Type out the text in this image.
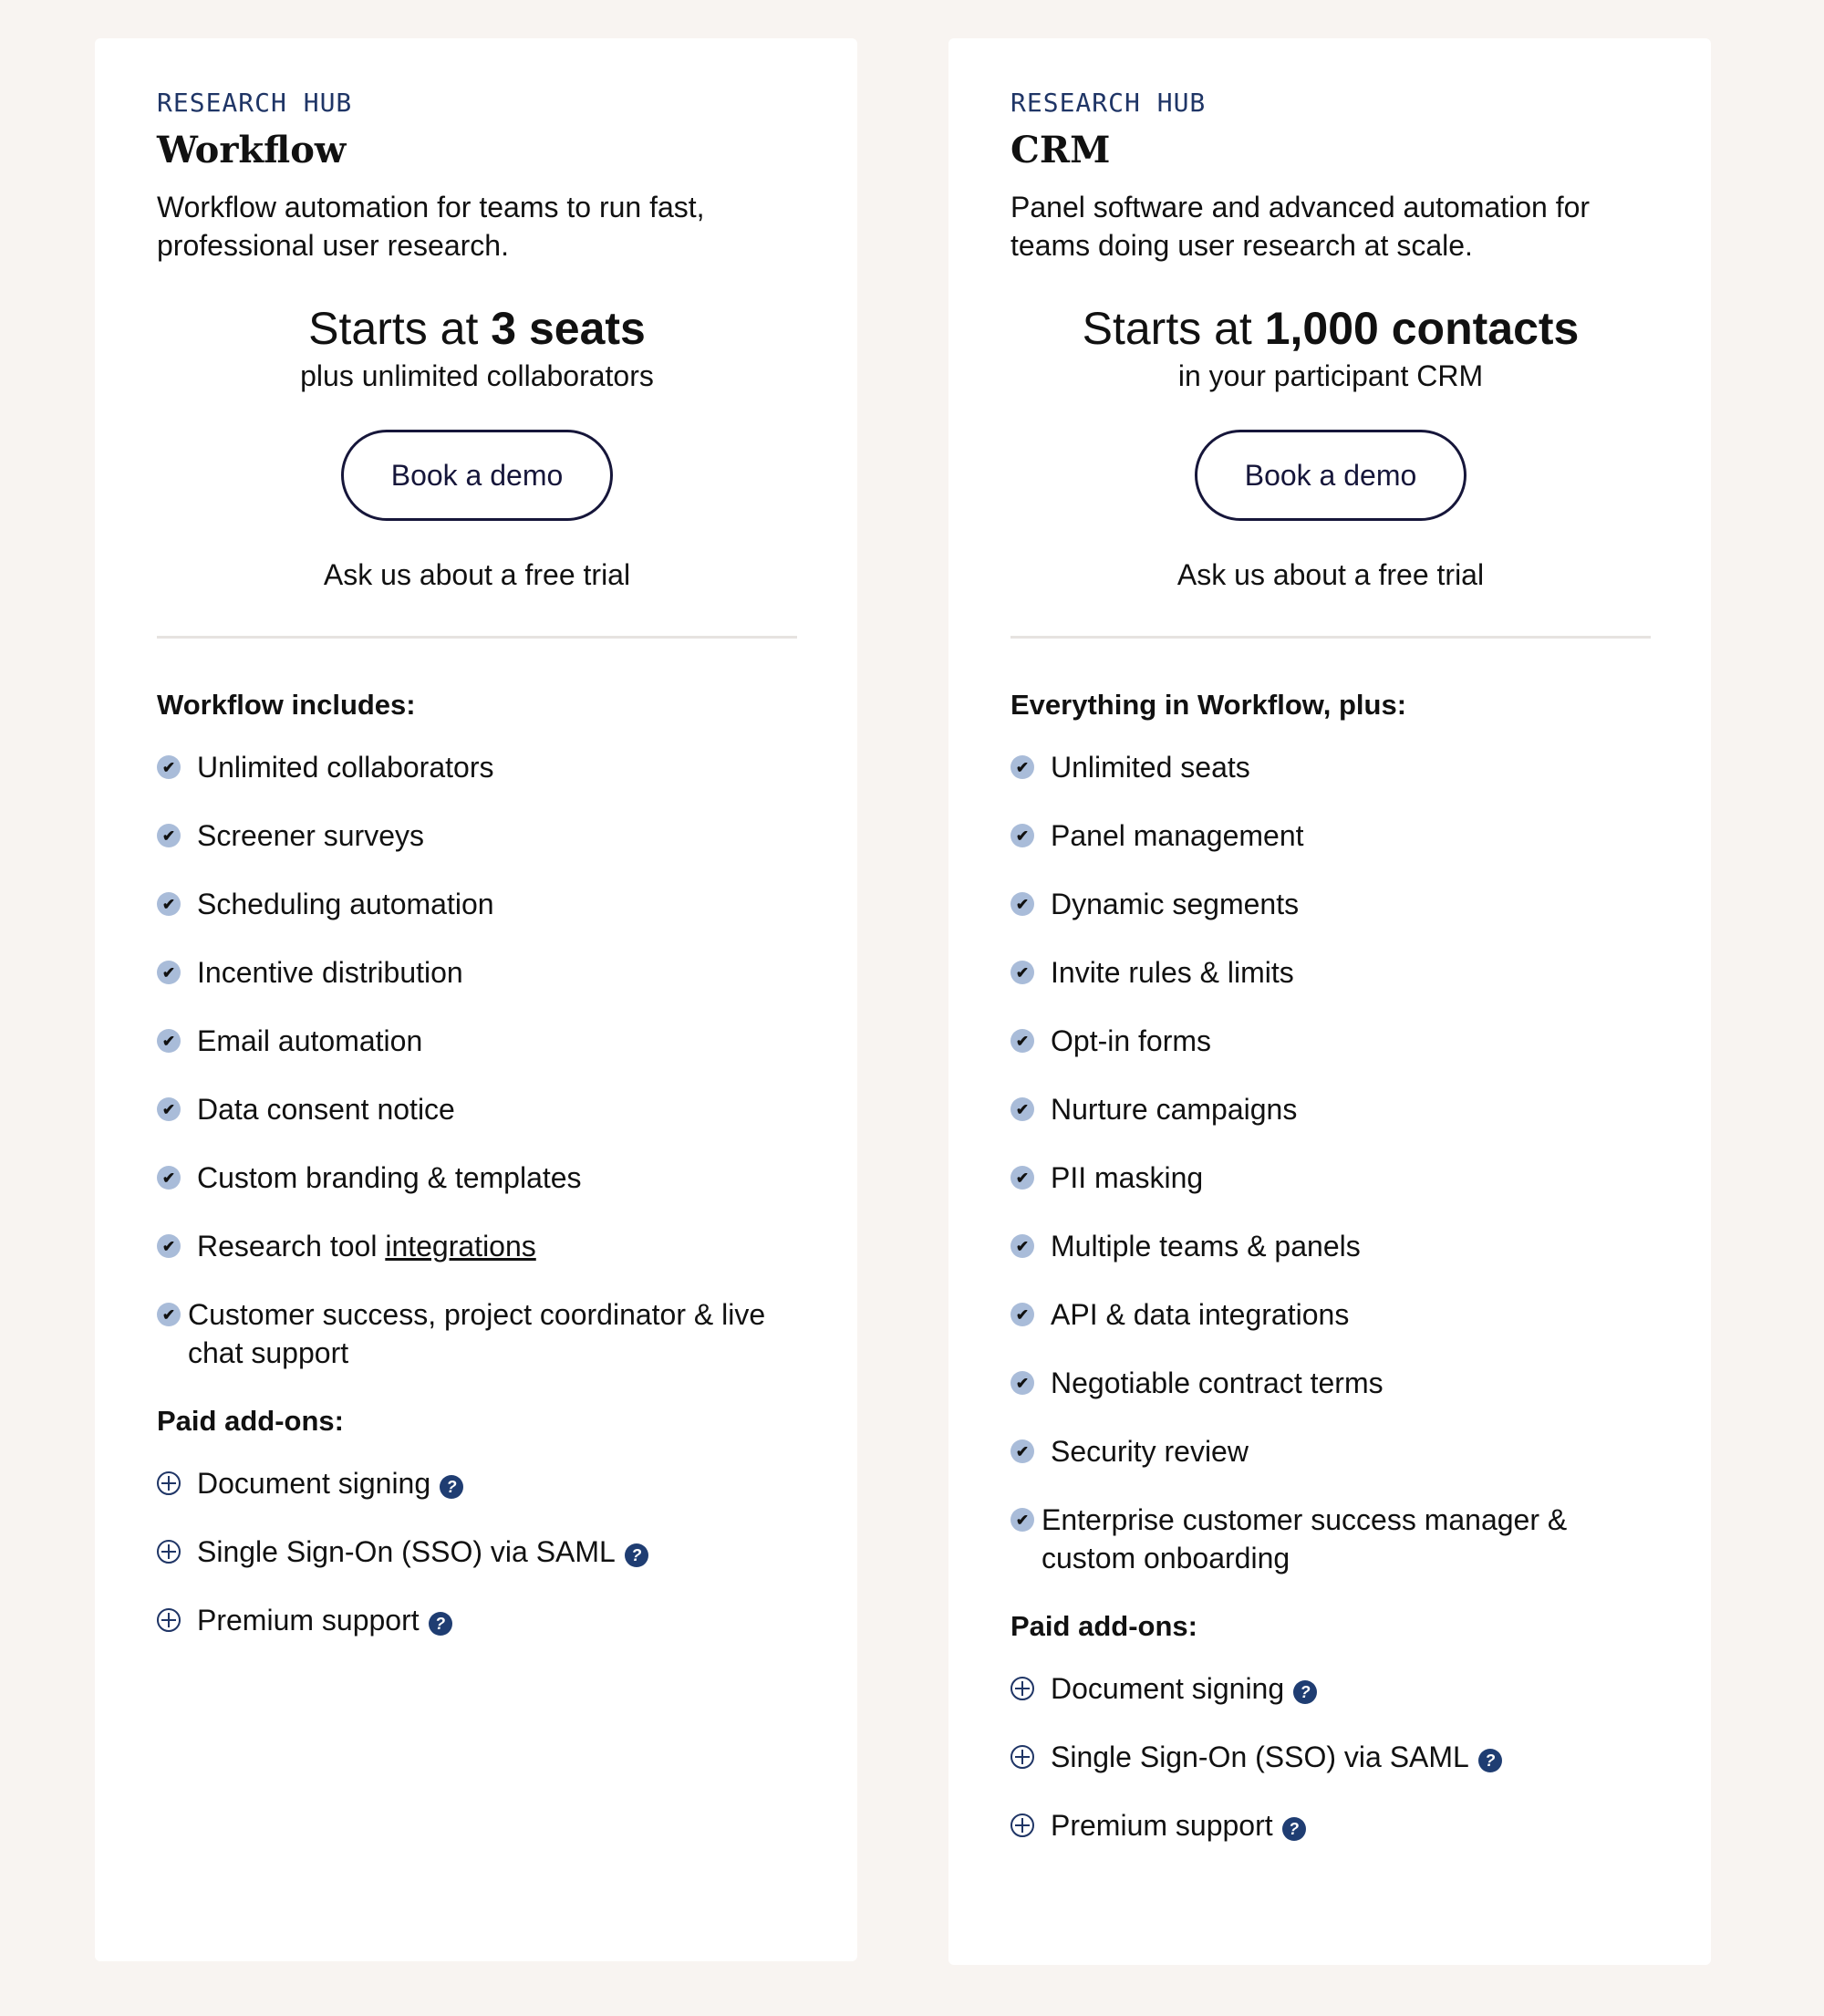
RESEARCH HUB
Workflow
Workflow automation for teams to run fast, professional user research.
Starts at 3 seats
plus unlimited collaborators
Book a demo
Ask us about a free trial
Workflow includes:
✔ Unlimited collaborators
✔ Screener surveys
✔ Scheduling automation
✔ Incentive distribution
✔ Email automation
✔ Data consent notice
✔ Custom branding & templates
✔ Research tool integrations
✔ Customer success, project coordinator & live chat support
Paid add-ons:
Document signing ?
Single Sign-On (SSO) via SAML ?
Premium support ?
RESEARCH HUB
CRM
Panel software and advanced automation for teams doing user research at scale.
Starts at 1,000 contacts
in your participant CRM
Book a demo
Ask us about a free trial
Everything in Workflow, plus:
✔ Unlimited seats
✔ Panel management
✔ Dynamic segments
✔ Invite rules & limits
✔ Opt-in forms
✔ Nurture campaigns
✔ PII masking
✔ Multiple teams & panels
✔ API & data integrations
✔ Negotiable contract terms
✔ Security review
✔ Enterprise customer success manager & custom onboarding
Paid add-ons:
Document signing ?
Single Sign-On (SSO) via SAML ?
Premium support ?
